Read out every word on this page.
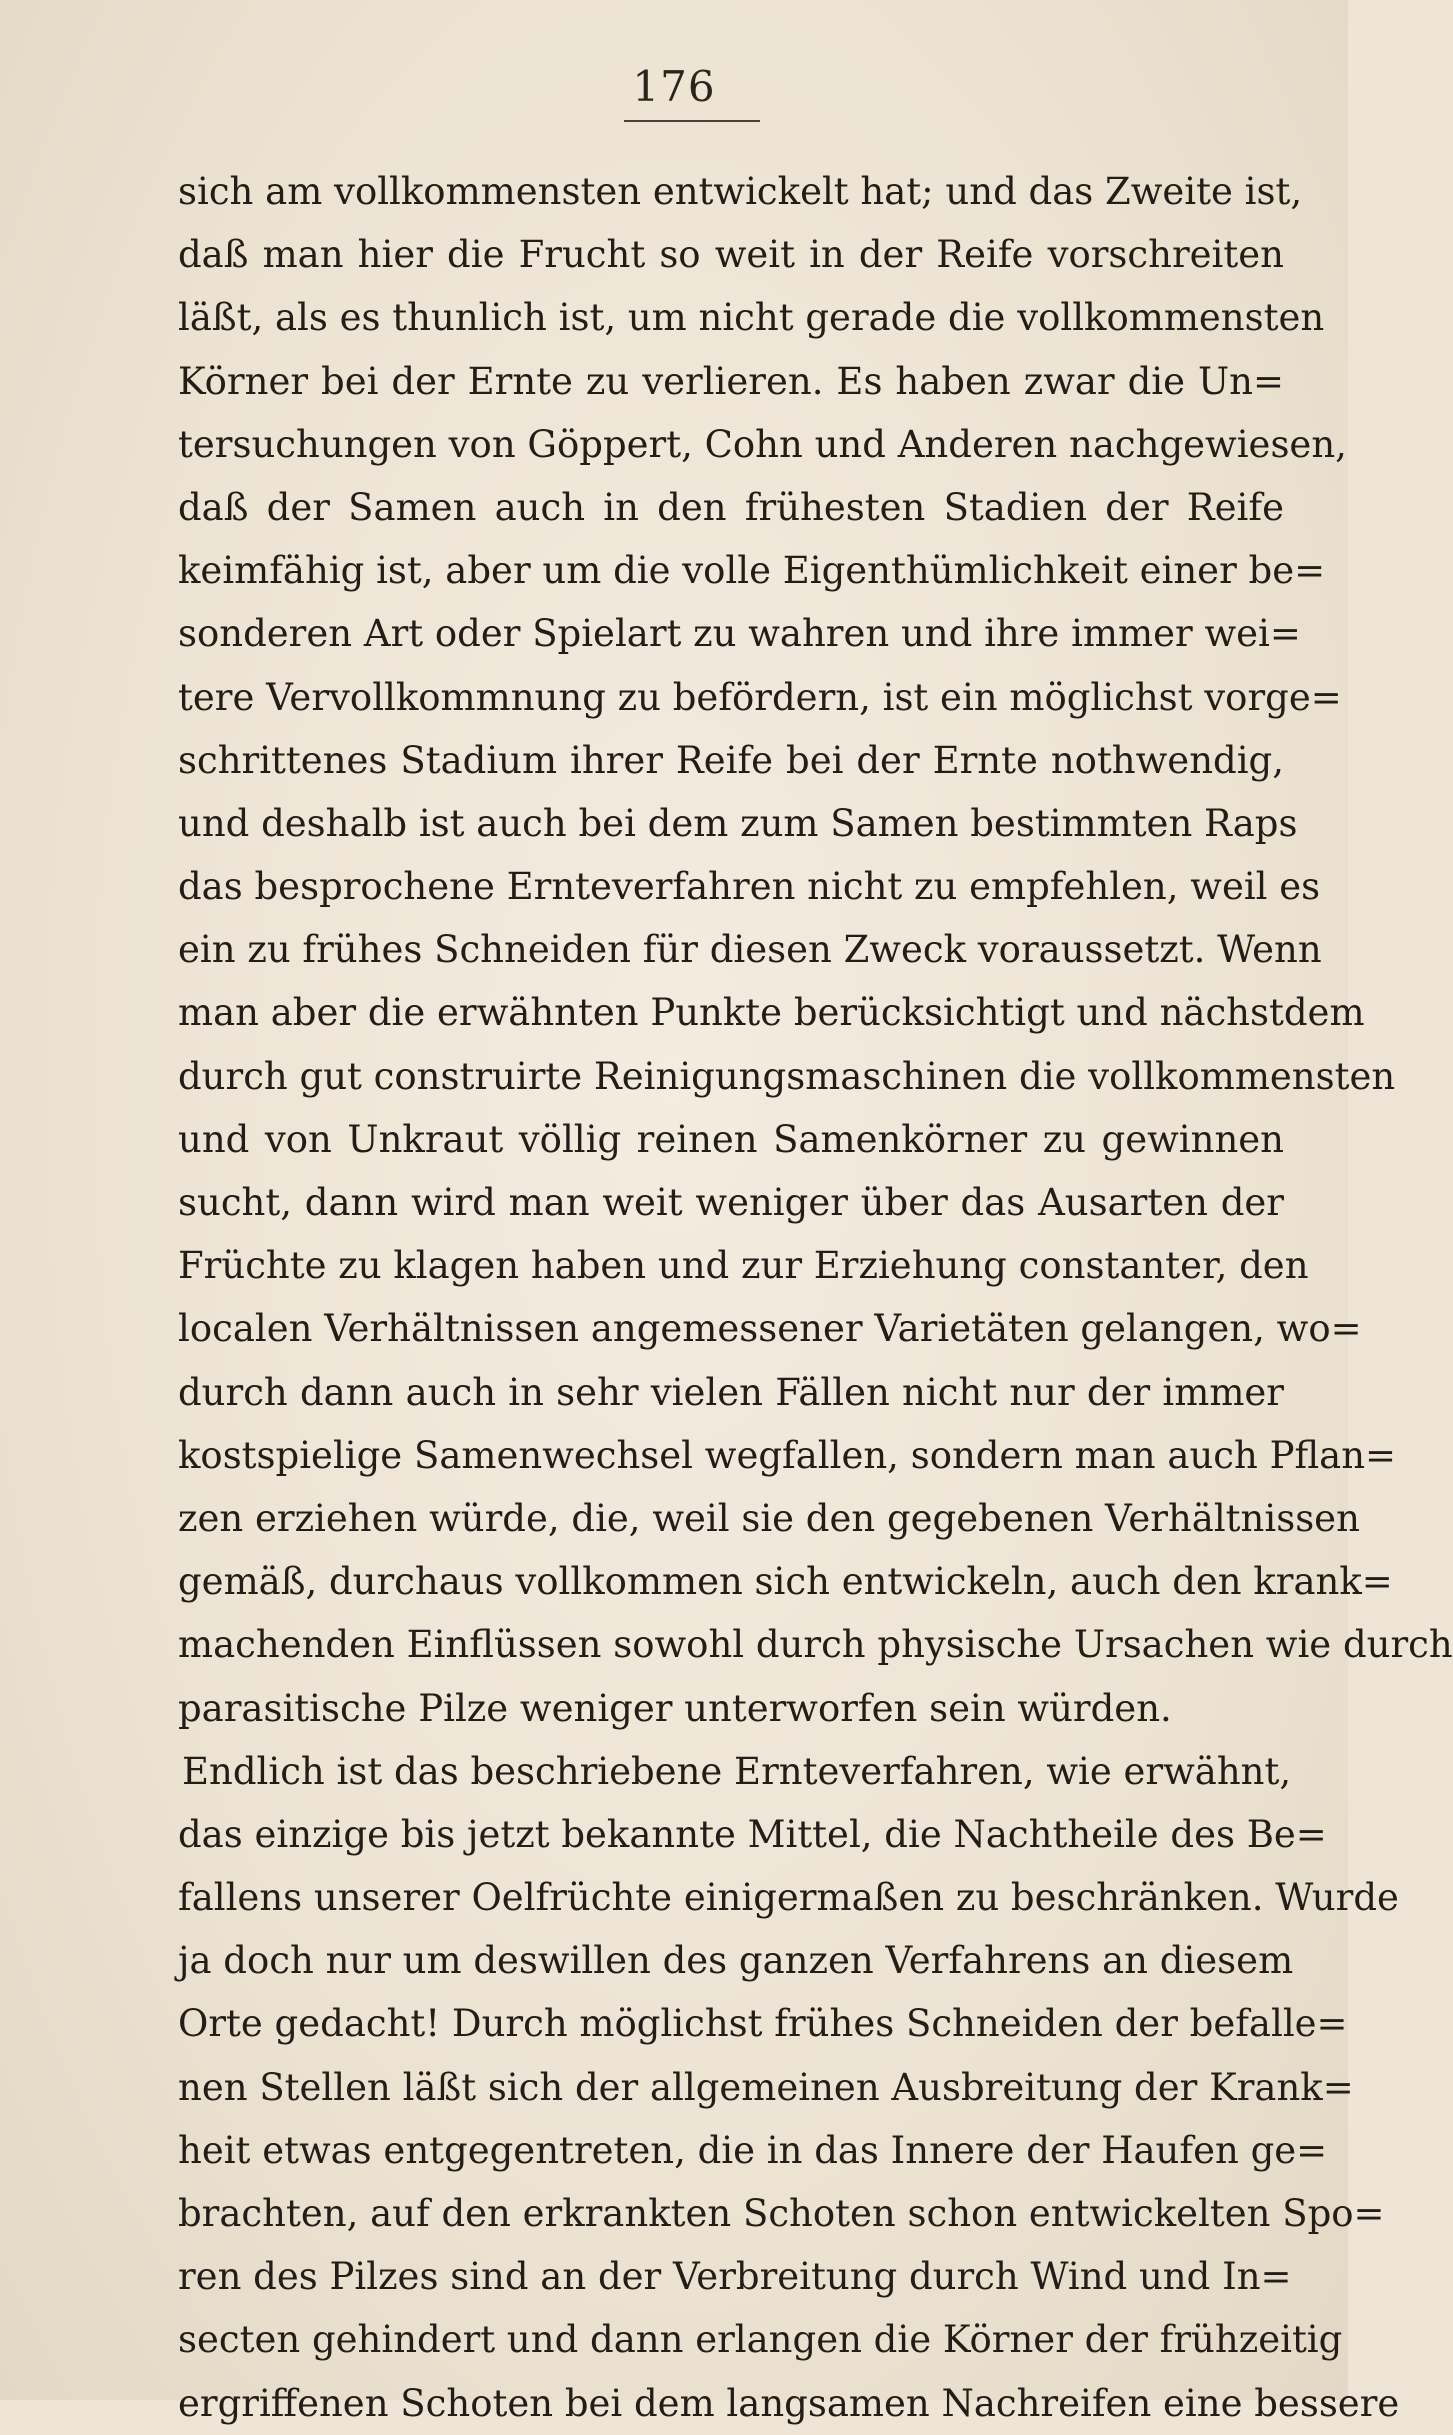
176
sich am vollkommensten entwickelt hat; und das Zweite ist,
daß man hier die Frucht so weit in der Reife vorschreiten
läßt, als es thunlich ist, um nicht gerade die vollkommensten
Körner bei der Ernte zu verlieren. Es haben zwar die Un=
tersuchungen von Göppert, Cohn und Anderen nachgewiesen,
daß der Samen auch in den frühesten Stadien der Reife
keimfähig ist, aber um die volle Eigenthümlichkeit einer be=
sonderen Art oder Spielart zu wahren und ihre immer wei=
tere Vervollkommnung zu befördern, ist ein möglichst vorge=
schrittenes Stadium ihrer Reife bei der Ernte nothwendig,
und deshalb ist auch bei dem zum Samen bestimmten Raps
das besprochene Ernteverfahren nicht zu empfehlen, weil es
ein zu frühes Schneiden für diesen Zweck voraussetzt. Wenn
man aber die erwähnten Punkte berücksichtigt und nächstdem
durch gut construirte Reinigungsmaschinen die vollkommensten
und von Unkraut völlig reinen Samenkörner zu gewinnen
sucht, dann wird man weit weniger über das Ausarten der
Früchte zu klagen haben und zur Erziehung constanter, den
localen Verhältnissen angemessener Varietäten gelangen, wo=
durch dann auch in sehr vielen Fällen nicht nur der immer
kostspielige Samenwechsel wegfallen, sondern man auch Pflan=
zen erziehen würde, die, weil sie den gegebenen Verhältnissen
gemäß, durchaus vollkommen sich entwickeln, auch den krank=
machenden Einflüssen sowohl durch physische Ursachen wie durch
parasitische Pilze weniger unterworfen sein würden.
Endlich ist das beschriebene Ernteverfahren, wie erwähnt,
das einzige bis jetzt bekannte Mittel, die Nachtheile des Be=
fallens unserer Oelfrüchte einigermaßen zu beschränken. Wurde
ja doch nur um deswillen des ganzen Verfahrens an diesem
Orte gedacht! Durch möglichst frühes Schneiden der befalle=
nen Stellen läßt sich der allgemeinen Ausbreitung der Krank=
heit etwas entgegentreten, die in das Innere der Haufen ge=
brachten, auf den erkrankten Schoten schon entwickelten Spo=
ren des Pilzes sind an der Verbreitung durch Wind und In=
secten gehindert und dann erlangen die Körner der frühzeitig
ergriffenen Schoten bei dem langsamen Nachreifen eine bessere
